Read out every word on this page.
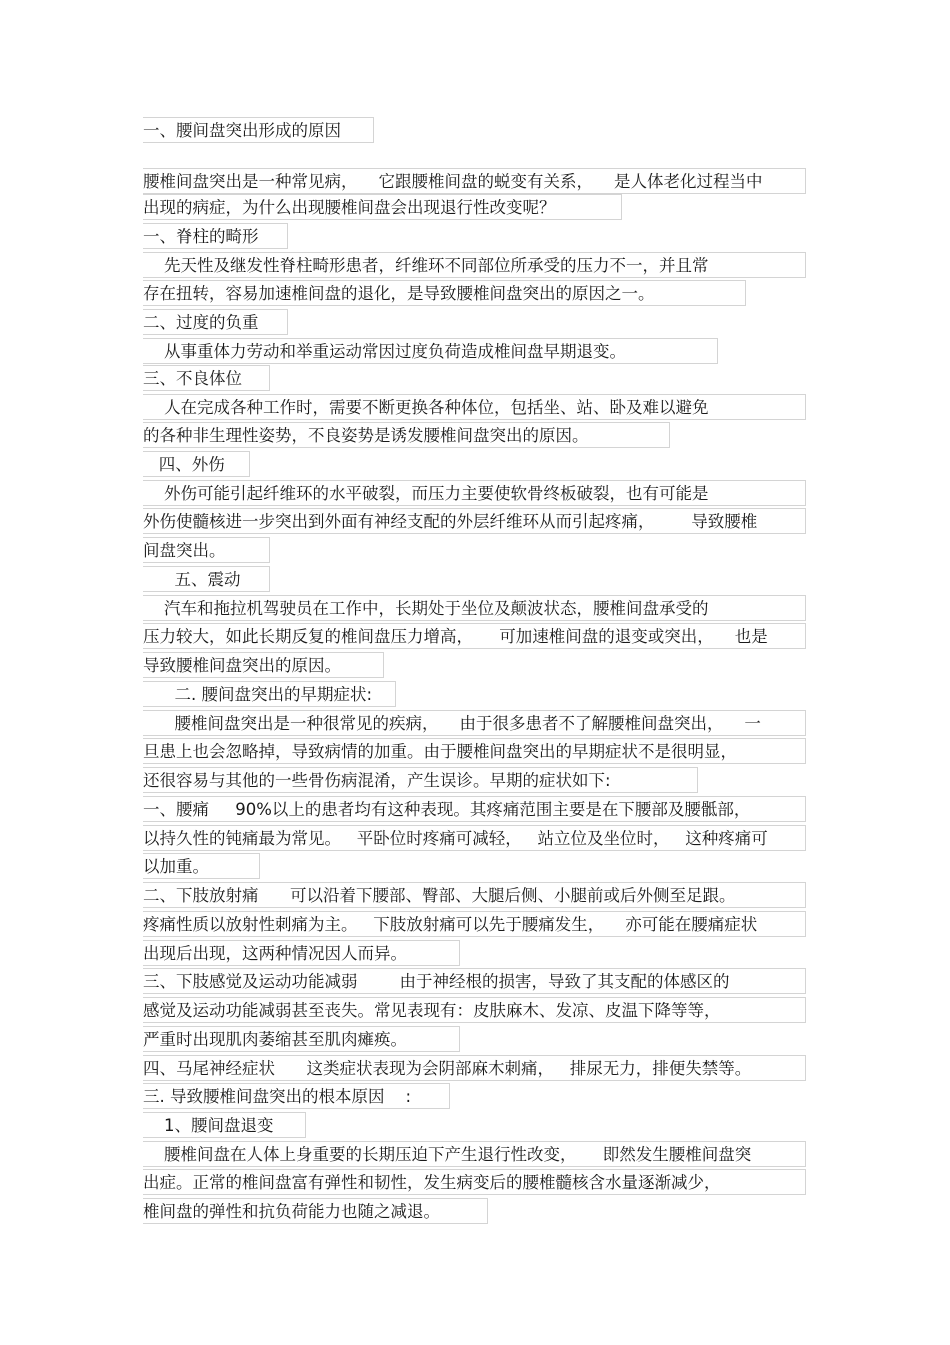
一、腰间盘突出形成的原因
腰椎间盘突出是一种常见病，    它跟腰椎间盘的蜕变有关系，    是人体老化过程当中
出现的病症，为什么出现腰椎间盘会出现退行性改变呢？
一、脊柱的畸形
先天性及继发性脊柱畸形患者，纤维环不同部位所承受的压力不一，并且常
存在扭转，容易加速椎间盘的退化，是导致腰椎间盘突出的原因之一。
二、过度的负重
从事重体力劳动和举重运动常因过度负荷造成椎间盘早期退变。
三、不良体位
人在完成各种工作时，需要不断更换各种体位，包括坐、站、卧及难以避免
的各种非生理性姿势，不良姿势是诱发腰椎间盘突出的原因。
四、外伤
外伤可能引起纤维环的水平破裂，而压力主要使软骨终板破裂，也有可能是
外伤使髓核进一步突出到外面有神经支配的外层纤维环从而引起疼痛，       导致腰椎
间盘突出。
五、震动
汽车和拖拉机驾驶员在工作中，长期处于坐位及颠波状态，腰椎间盘承受的
压力较大，如此长期反复的椎间盘压力增高，     可加速椎间盘的退变或突出，    也是
导致腰椎间盘突出的原因。
二. 腰间盘突出的早期症状:
腰椎间盘突出是一种很常见的疾病，    由于很多患者不了解腰椎间盘突出，    一
旦患上也会忽略掉，导致病情的加重。由于腰椎间盘突出的早期症状不是很明显，
还很容易与其他的一些骨伤病混淆，产生误诊。早期的症状如下:
一、腰痛     90%以上的患者均有这种表现。其疼痛范围主要是在下腰部及腰骶部，
以持久性的钝痛最为常见。   平卧位时疼痛可减轻，   站立位及坐位时，   这种疼痛可
以加重。
二、下肢放射痛      可以沿着下腰部、臀部、大腿后侧、小腿前或后外侧至足跟。
疼痛性质以放射性刺痛为主。   下肢放射痛可以先于腰痛发生，    亦可能在腰痛症状
出现后出现，这两种情况因人而异。
三、下肢感觉及运动功能减弱        由于神经根的损害，导致了其支配的体感区的
感觉及运动功能减弱甚至丧失。常见表现有：皮肤麻木、发凉、皮温下降等等，
严重时出现肌肉萎缩甚至肌肉瘫痪。
四、马尾神经症状      这类症状表现为会阴部麻木刺痛，   排尿无力，排便失禁等。
三. 导致腰椎间盘突出的根本原因    :
1、腰间盘退变
腰椎间盘在人体上身重要的长期压迫下产生退行性改变，     即然发生腰椎间盘突
出症。正常的椎间盘富有弹性和韧性，发生病变后的腰椎髓核含水量逐渐减少，
椎间盘的弹性和抗负荷能力也随之减退。
